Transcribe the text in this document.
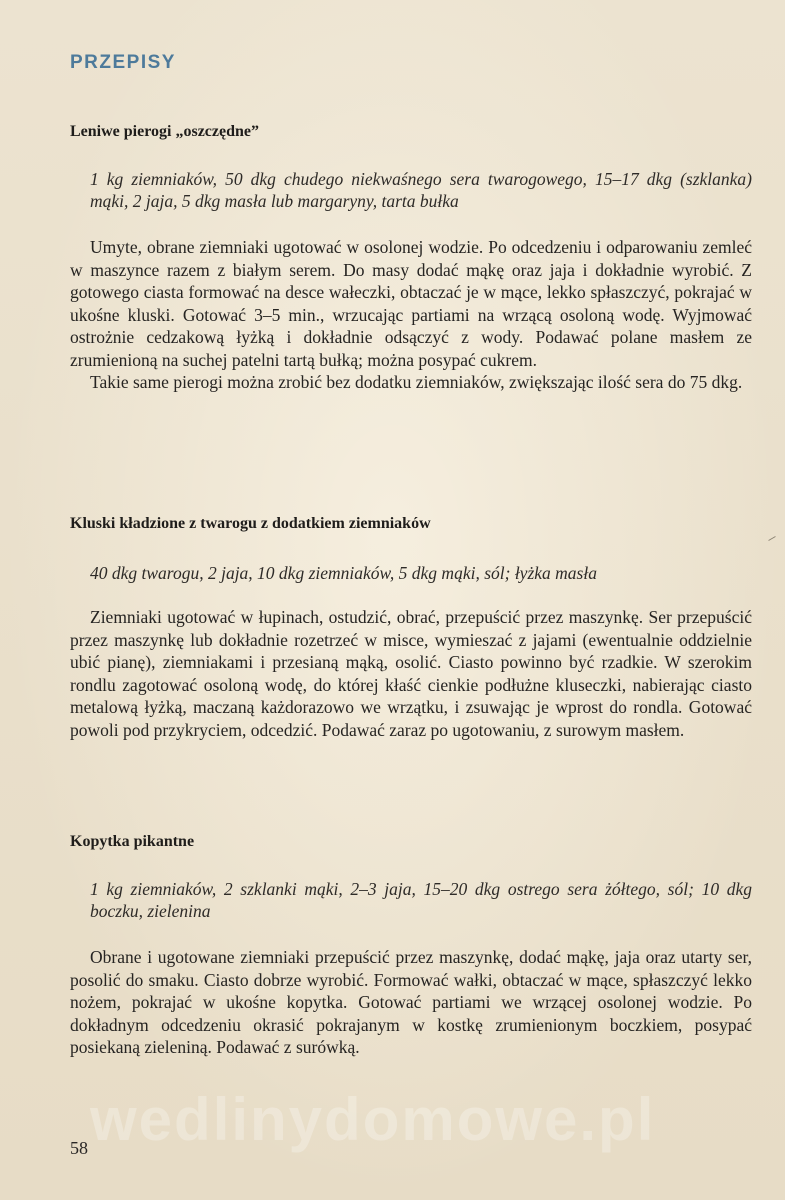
PRZEPISY
Leniwe pierogi „oszczędne”
1 kg ziemniaków, 50 dkg chudego niekwaśnego sera twarogowego, 15–17 dkg (szklanka) mąki, 2 jaja, 5 dkg masła lub margaryny, tarta bułka

Umyte, obrane ziemniaki ugotować w osolonej wodzie. Po odcedzeniu i odparowaniu zemleć w maszynce razem z białym serem. Do masy dodać mąkę oraz jaja i dokładnie wyrobić. Z gotowego ciasta formować na desce wałeczki, obtaczać je w mące, lekko spłaszczyć, pokrajać w ukośne kluski. Gotować 3–5 min., wrzucając partiami na wrzącą osoloną wodę. Wyjmować ostrożnie cedzakową łyżką i dokładnie odsączyć z wody. Podawać polane masłem ze zrumienioną na suchej patelni tartą bułką; można posypać cukrem.

Takie same pierogi można zrobić bez dodatku ziemniaków, zwiększając ilość sera do 75 dkg.

Kluski kładzione z twarogu z dodatkiem ziemniaków
40 dkg twarogu, 2 jaja, 10 dkg ziemniaków, 5 dkg mąki, sól; łyżka masła

Ziemniaki ugotować w łupinach, ostudzić, obrać, przepuścić przez maszynkę. Ser przepuścić przez maszynkę lub dokładnie rozetrzeć w misce, wymieszać z jajami (ewentualnie oddzielnie ubić pianę), ziemniakami i przesianą mąką, osolić. Ciasto powinno być rzadkie. W szerokim rondlu zagotować osoloną wodę, do której kłaść cienkie podłużne kluseczki, nabierając ciasto metalową łyżką, maczaną każdorazowo we wrzątku, i zsuwając je wprost do rondla. Gotować powoli pod przykryciem, odcedzić. Podawać zaraz po ugotowaniu, z surowym masłem.

Kopytka pikantne
1 kg ziemniaków, 2 szklanki mąki, 2–3 jaja, 15–20 dkg ostrego sera żółtego, sól; 10 dkg boczku, zielenina

Obrane i ugotowane ziemniaki przepuścić przez maszynkę, dodać mąkę, jaja oraz utarty ser, posolić do smaku. Ciasto dobrze wyrobić. Formować wałki, obtaczać w mące, spłaszczyć lekko nożem, pokrajać w ukośne kopytka. Gotować partiami we wrzącej osolonej wodzie. Po dokładnym odcedzeniu okrasić pokrajanym w kostkę zrumienionym boczkiem, posypać posiekaną zieleniną. Podawać z surówką.

wedlinydomowe.pl
58
